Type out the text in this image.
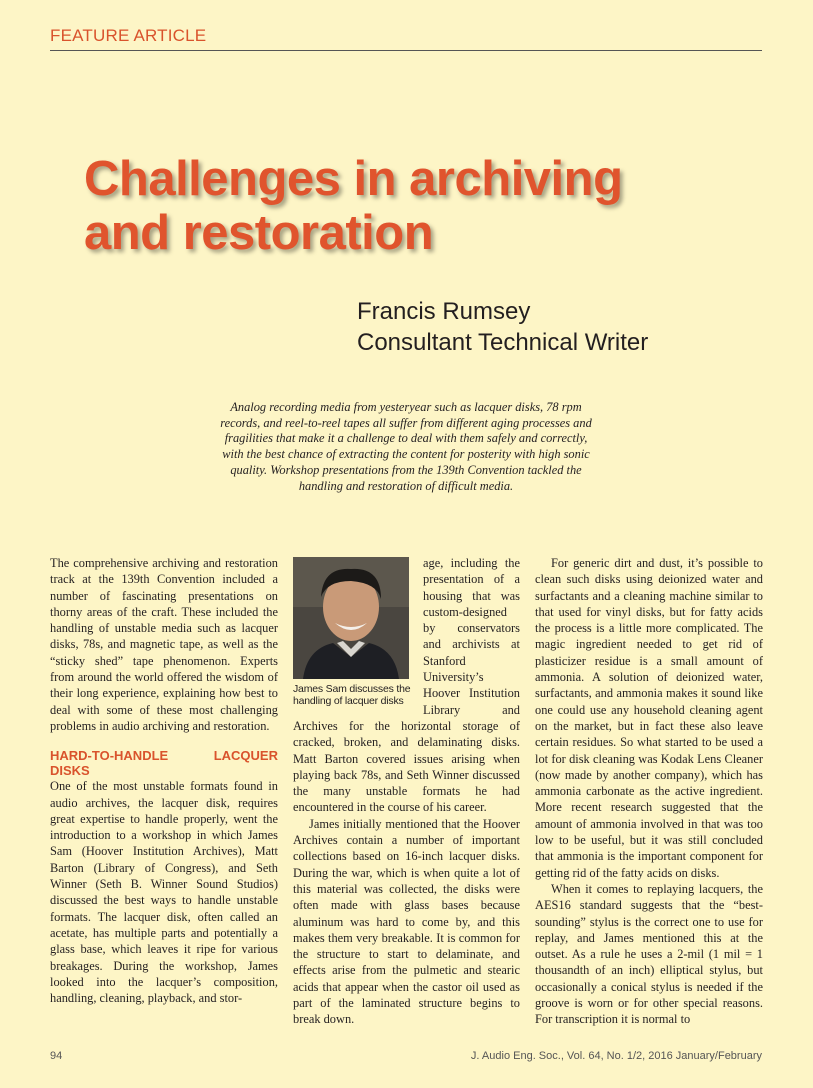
FEATURE ARTICLE
Challenges in archiving
and restoration
Francis Rumsey
Consultant Technical Writer
Analog recording media from yesteryear such as lacquer disks, 78 rpm records, and reel-to-reel tapes all suffer from different aging processes and fragilities that make it a challenge to deal with them safely and correctly, with the best chance of extracting the content for posterity with high sonic quality. Workshop presentations from the 139th Convention tackled the handling and restoration of difficult media.

The comprehensive archiving and restoration track at the 139th Convention included a number of fascinating presentations on thorny areas of the craft. These included the handling of unstable media such as lacquer disks, 78s, and magnetic tape, as well as the “sticky shed” tape phenomenon. Experts from around the world offered the wisdom of their long experience, explaining how best to deal with some of these most challenging problems in audio archiving and restoration.

HARD-TO-HANDLE LACQUER DISKS

One of the most unstable formats found in audio archives, the lacquer disk, requires great expertise to handle properly, went the introduction to a workshop in which James Sam (Hoover Institution Archives), Matt Barton (Library of Congress), and Seth Winner (Seth B. Winner Sound Studios) discussed the best ways to handle unstable formats. The lacquer disk, often called an acetate, has multiple parts and potentially a glass base, which leaves it ripe for various breakages. During the workshop, James looked into the lacquer’s composition, handling, cleaning, playback, and stor-

James Sam discusses the handling of lacquer disks

age, including the presentation of a housing that was custom-designed by conservators and archivists at Stanford University’s Hoover Institution Library and Archives for the horizontal storage of cracked, broken, and delaminating disks. Matt Barton covered issues arising when playing back 78s, and Seth Winner discussed the many unstable formats he had encountered in the course of his career.

James initially mentioned that the Hoover Archives contain a number of important collections based on 16-inch lacquer disks. During the war, which is when quite a lot of this material was collected, the disks were often made with glass bases because aluminum was hard to come by, and this makes them very breakable. It is common for the structure to start to delaminate, and effects arise from the pulmetic and stearic acids that appear when the castor oil used as part of the laminated structure begins to break down.

For generic dirt and dust, it’s possible to clean such disks using deionized water and surfactants and a cleaning machine similar to that used for vinyl disks, but for fatty acids the process is a little more complicated. The magic ingredient needed to get rid of plasticizer residue is a small amount of ammonia. A solution of deionized water, surfactants, and ammonia makes it sound like one could use any household cleaning agent on the market, but in fact these also leave certain residues. So what started to be used a lot for disk cleaning was Kodak Lens Cleaner (now made by another company), which has ammonia carbonate as the active ingredient. More recent research suggested that the amount of ammonia involved in that was too low to be useful, but it was still concluded that ammonia is the important component for getting rid of the fatty acids on disks.

When it comes to replaying lacquers, the AES16 standard suggests that the “best-sounding” stylus is the correct one to use for replay, and James mentioned this at the outset. As a rule he uses a 2-mil (1 mil = 1 thousandth of an inch) elliptical stylus, but occasionally a conical stylus is needed if the groove is worn or for other special reasons. For transcription it is normal to

94	J. Audio Eng. Soc., Vol. 64, No. 1/2, 2016 January/February
